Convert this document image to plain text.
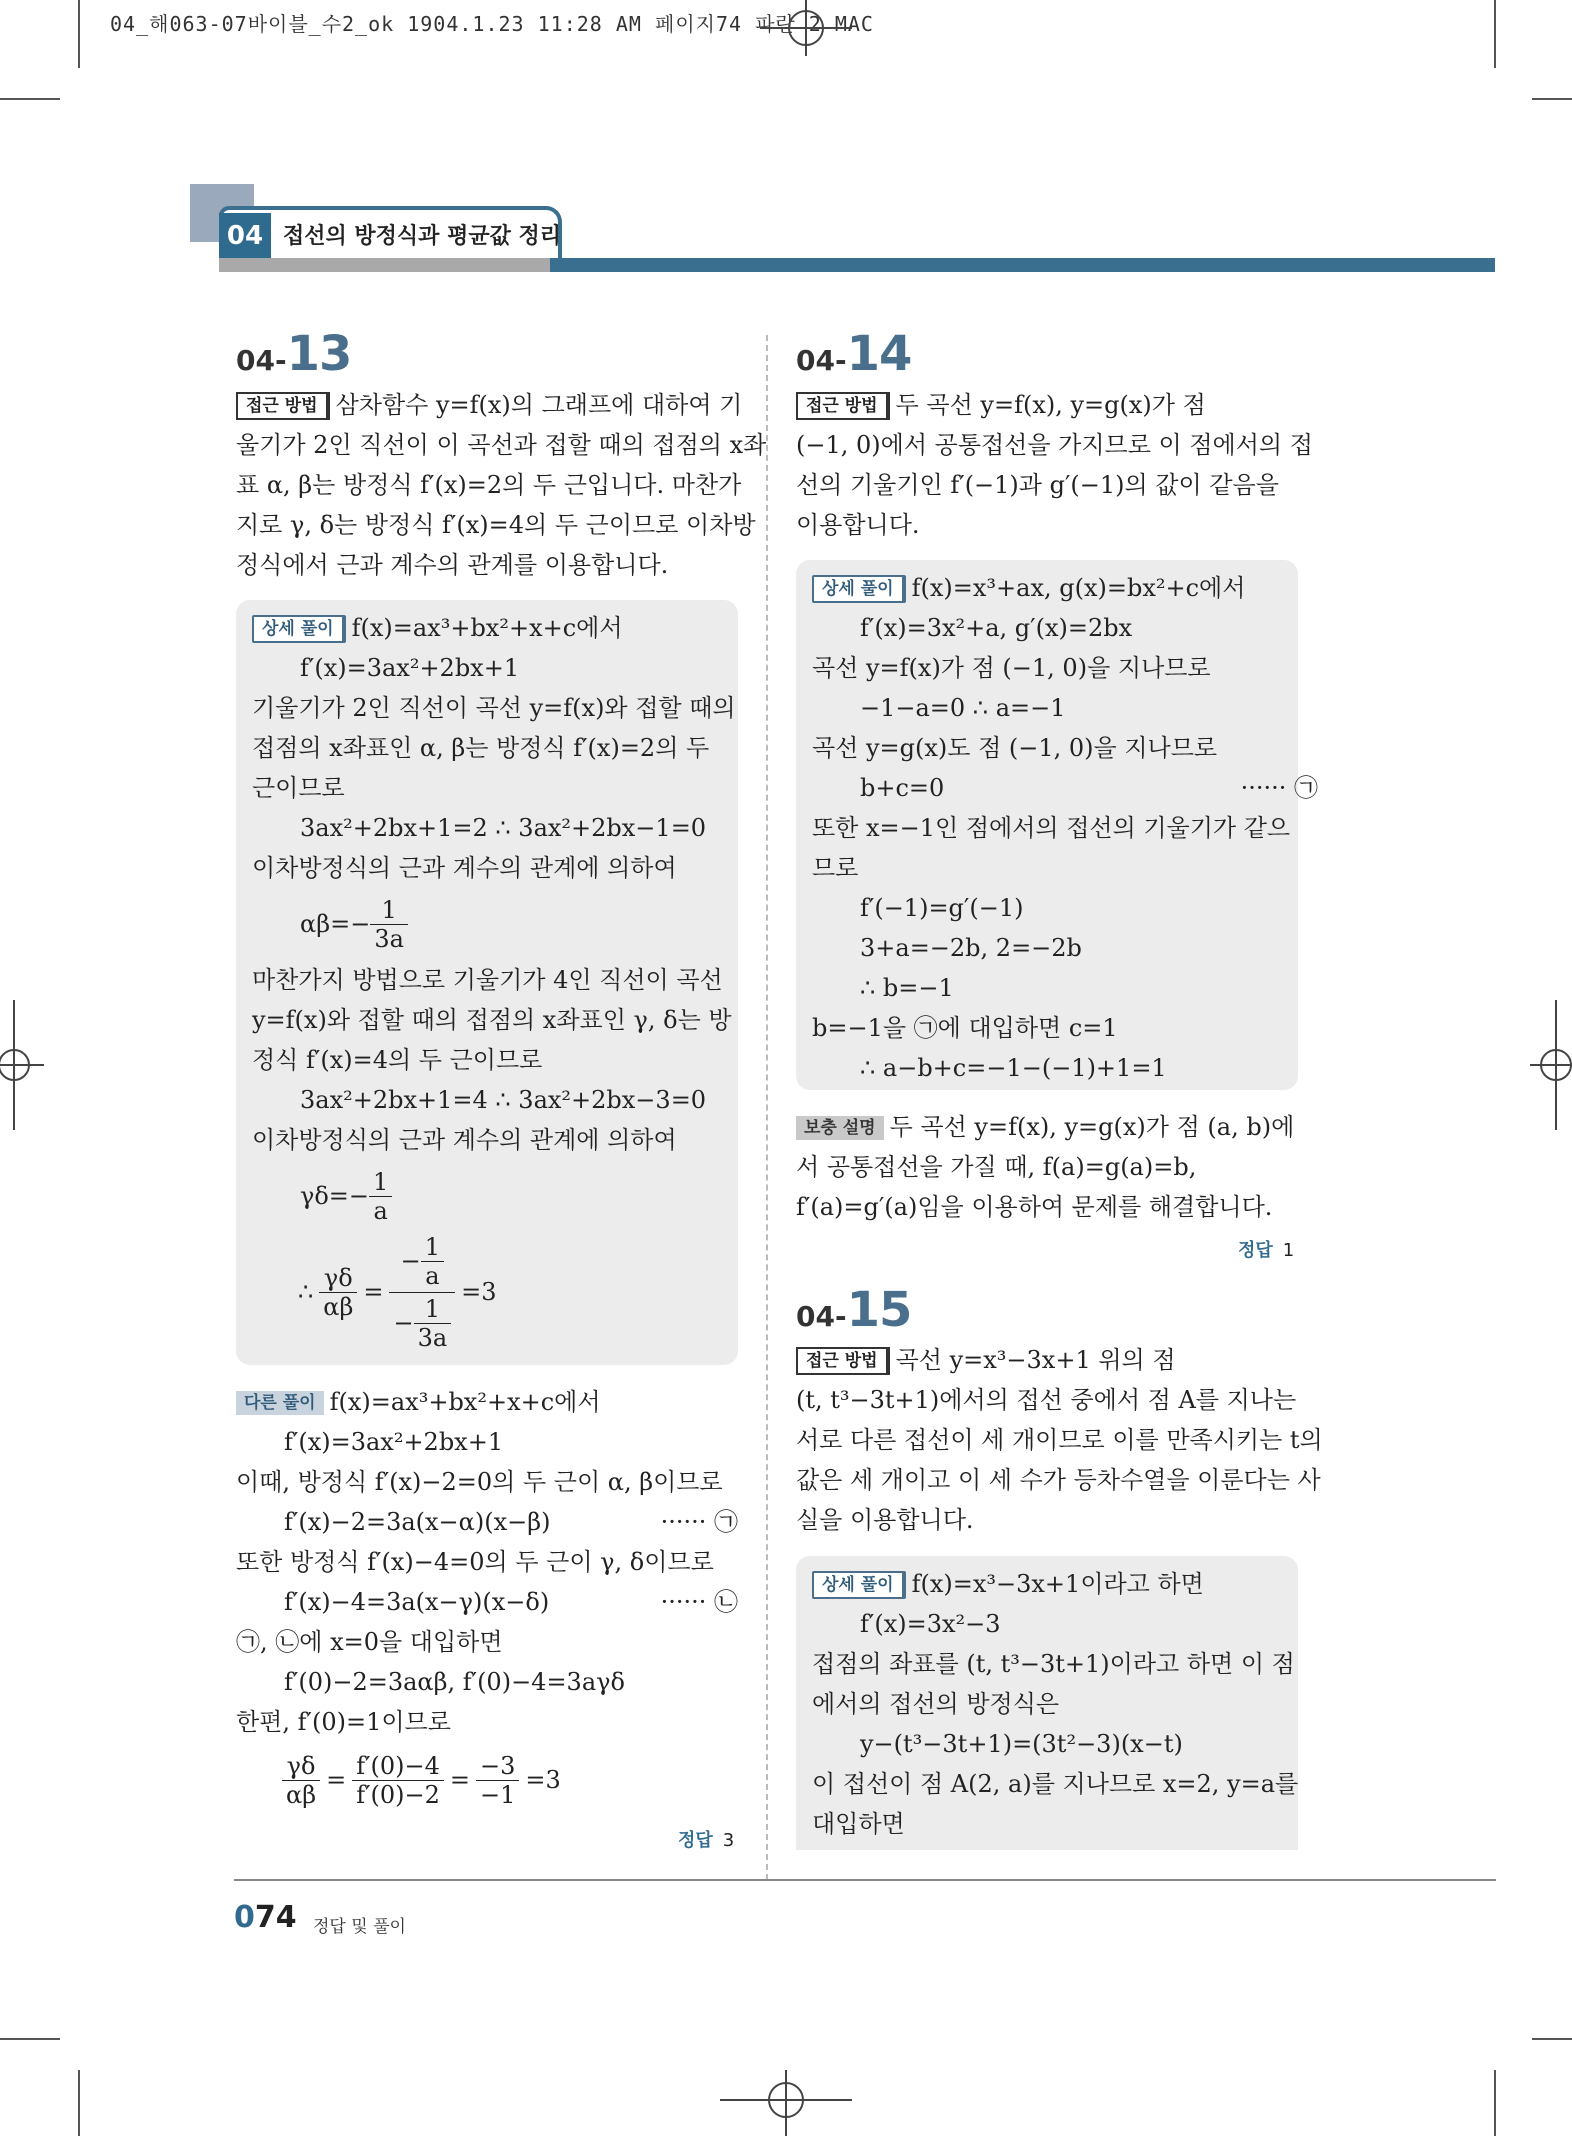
04_해063-07바이블_수2_ok 1904.1.23 11:28 AM 페이지74 파란 2 MAC
04 접선의 방정식과 평균값 정리
04-13
접근 방법 삼차함수 y=f(x)의 그래프에 대하여 기
울기가 2인 직선이 이 곡선과 접할 때의 접점의 x좌
표 α, β는 방정식 f′(x)=2의 두 근입니다. 마찬가
지로 γ, δ는 방정식 f′(x)=4의 두 근이므로 이차방
정식에서 근과 계수의 관계를 이용합니다.
상세 풀이 f(x)=ax³+bx²+x+c에서
f′(x)=3ax²+2bx+1
기울기가 2인 직선이 곡선 y=f(x)와 접할 때의
접점의 x좌표인 α, β는 방정식 f′(x)=2의 두
근이므로
3ax²+2bx+1=2 ∴ 3ax²+2bx−1=0
이차방정식의 근과 계수의 관계에 의하여
$\alpha\beta=- \frac{1}{3a}$
마찬가지 방법으로 기울기가 4인 직선이 곡선
y=f(x)와 접할 때의 접점의 x좌표인 γ, δ는 방
정식 f′(x)=4의 두 근이므로
3ax²+2bx+1=4 ∴ 3ax²+2bx−3=0
이차방정식의 근과 계수의 관계에 의하여
$\gamma\delta=- \frac{1}{a}$
∴ $\frac{\gamma\delta}{\alpha\beta} = \frac{- \frac{1}{a}}{- \frac{1}{3a}} =3$
다른 풀이 f(x)=ax³+bx²+x+c에서
f′(x)=3ax²+2bx+1
이때, 방정식 f′(x)−2=0의 두 근이 α, β이므로
f′(x)−2=3a(x−α)(x−β)	······ ㉠
또한 방정식 f′(x)−4=0의 두 근이 γ, δ이므로
f′(x)−4=3a(x−γ)(x−δ)	······ ㉡
㉠, ㉡에 x=0을 대입하면
f′(0)−2=3aαβ, f′(0)−4=3aγδ
한편, f′(0)=1이므로
$\frac{\gamma\delta}{\alpha\beta} = \frac{f'(0)-4}{f'(0)-2} = \frac{-3}{-1} =3$
정답 3
04-14
접근 방법 두 곡선 y=f(x), y=g(x)가 점
(−1, 0)에서 공통접선을 가지므로 이 점에서의 접
선의 기울기인 f′(−1)과 g′(−1)의 값이 같음을
이용합니다.
상세 풀이 f(x)=x³+ax, g(x)=bx²+c에서
f′(x)=3x²+a, g′(x)=2bx
곡선 y=f(x)가 점 (−1, 0)을 지나므로
−1−a=0 ∴ a=−1
곡선 y=g(x)도 점 (−1, 0)을 지나므로
b+c=0	······ ㉠
또한 x=−1인 점에서의 접선의 기울기가 같으
므로
f′(−1)=g′(−1)
3+a=−2b, 2=−2b
∴ b=−1
b=−1을 ㉠에 대입하면 c=1
∴ a−b+c=−1−(−1)+1=1
보충 설명 두 곡선 y=f(x), y=g(x)가 점 (a, b)에
서 공통접선을 가질 때, f(a)=g(a)=b,
f′(a)=g′(a)임을 이용하여 문제를 해결합니다.
정답 1
04-15
접근 방법 곡선 y=x³−3x+1 위의 점
(t, t³−3t+1)에서의 접선 중에서 점 A를 지나는
서로 다른 접선이 세 개이므로 이를 만족시키는 t의
값은 세 개이고 이 세 수가 등차수열을 이룬다는 사
실을 이용합니다.
상세 풀이 f(x)=x³−3x+1이라고 하면
f′(x)=3x²−3
접점의 좌표를 (t, t³−3t+1)이라고 하면 이 점
에서의 접선의 방정식은
y−(t³−3t+1)=(3t²−3)(x−t)
이 접선이 점 A(2, a)를 지나므로 x=2, y=a를
대입하면
074 정답 및 풀이
